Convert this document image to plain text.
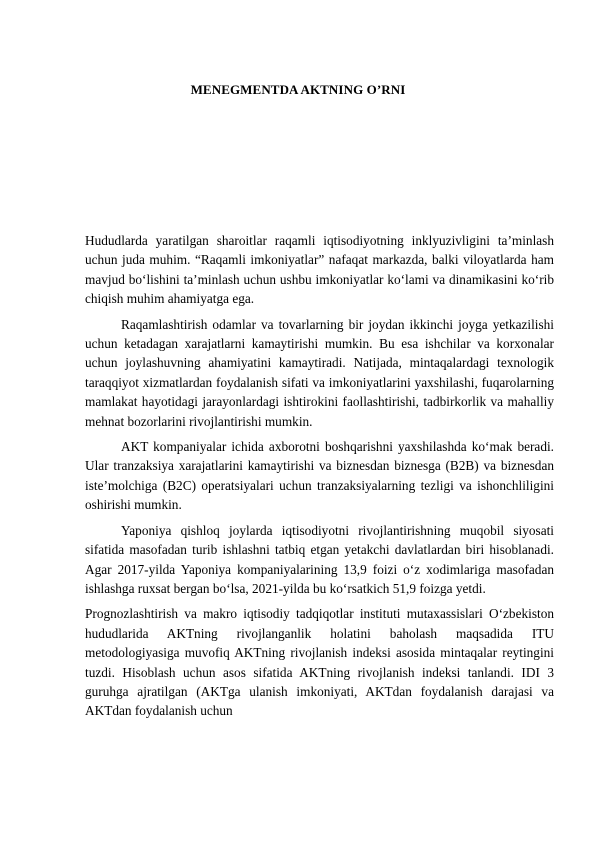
MENEGMENTDA AKTNING O’RNI

Hududlarda yaratilgan sharoitlar raqamli iqtisodiyotning inklyuzivligini ta’minlash uchun juda muhim. “Raqamli imkoniyatlar” nafaqat markazda, balki viloyatlarda ham mavjud bo‘lishini ta’minlash uchun ushbu imkoniyatlar ko‘lami va dinamikasini ko‘rib chiqish muhim ahamiyatga ega.

Raqamlashtirish odamlar va tovarlarning bir joydan ikkinchi joyga yetkazilishi uchun ketadagan xarajatlarni kamaytirishi mumkin. Bu esa ishchilar va korxonalar uchun joylashuvning ahamiyatini kamaytiradi. Natijada, mintaqalardagi texnologik taraqqiyot xizmatlardan foydalanish sifati va imkoniyatlarini yaxshilashi, fuqarolarning mamlakat hayotidagi jarayonlardagi ishtirokini faollashtirishi, tadbirkorlik va mahalliy mehnat bozorlarini rivojlantirishi mumkin.

AKT kompaniyalar ichida axborotni boshqarishni yaxshilashda ko‘mak beradi. Ular tranzaksiya xarajatlarini kamaytirishi va biznesdan biznesga (B2B) va biznesdan iste’molchiga (B2C) operatsiyalari uchun tranzaksiyalarning tezligi va ishonchliligini oshirishi mumkin.

Yaponiya qishloq joylarda iqtisodiyotni rivojlantirishning muqobil siyosati sifatida masofadan turib ishlashni tatbiq etgan yetakchi davlatlardan biri hisoblanadi. Agar 2017-yilda Yaponiya kompaniyalarining 13,9 foizi o‘z xodimlariga masofadan ishlashga ruxsat bergan bo‘lsa, 2021-yilda bu ko‘rsatkich 51,9 foizga yetdi.

Prognozlashtirish va makro iqtisodiy tadqiqotlar instituti mutaxassislari O‘zbekiston hududlarida AKTning rivojlanganlik holatini baholash maqsadida ITU metodologiyasiga muvofiq AKTning rivojlanish indeksi asosida mintaqalar reytingini tuzdi. Hisoblash uchun asos sifatida AKTning rivojlanish indeksi tanlandi. IDI 3 guruhga ajratilgan (AKTga ulanish imkoniyati, AKTdan foydalanish darajasi va AKTdan foydalanish uchun
